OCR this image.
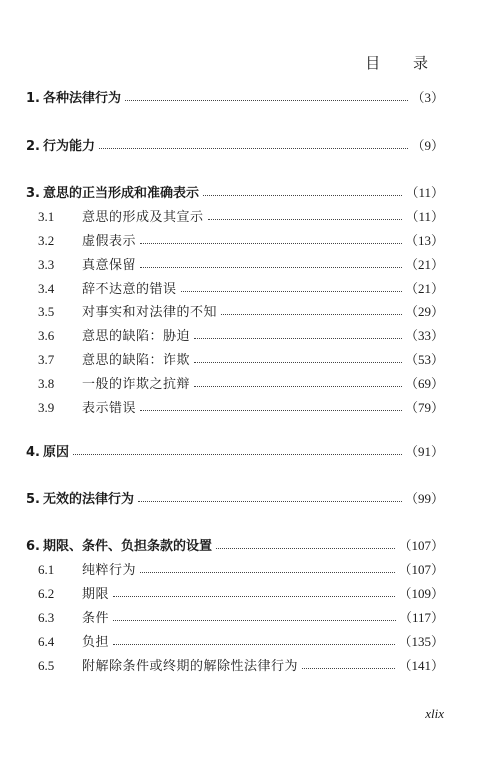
目 录
1. 各种法律行为	（3）
2. 行为能力	（9）
3. 意思的正当形成和准确表示	（11）
3.1	意思的形成及其宣示	（11）
3.2	虚假表示	（13）
3.3	真意保留	（21）
3.4	辞不达意的错误	（21）
3.5	对事实和对法律的不知	（29）
3.6	意思的缺陷：胁迫	（33）
3.7	意思的缺陷：诈欺	（53）
3.8	一般的诈欺之抗辩	（69）
3.9	表示错误	（79）
4. 原因	（91）
5. 无效的法律行为	（99）
6. 期限、条件、负担条款的设置	（107）
6.1	纯粹行为	（107）
6.2	期限	（109）
6.3	条件	（117）
6.4	负担	（135）
6.5	附解除条件或终期的解除性法律行为	（141）
xlix
